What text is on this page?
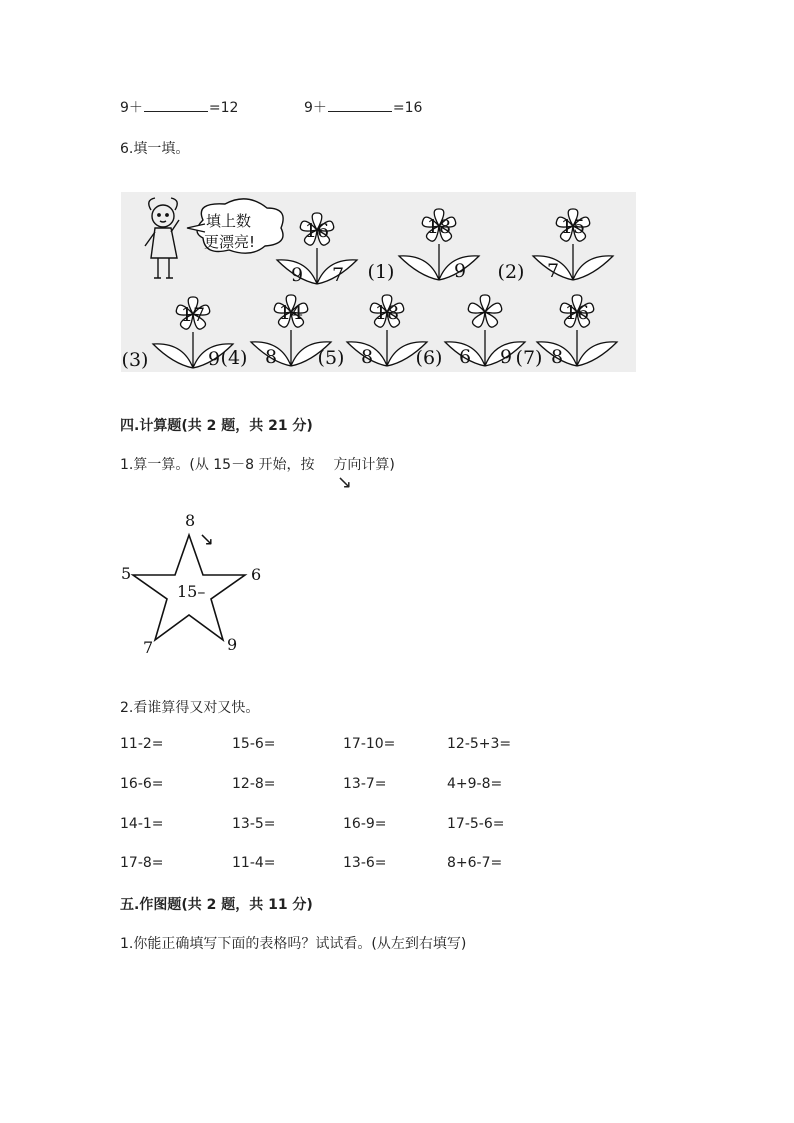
9＋	=12	9＋	=16
6.填一填。
填上数
更漂亮!	16
9 7
18
9
(1)
15
7
(2)
17
9
(3)
14
8
(4)
18
8
(5)	6 9
(6)
16
8
(7)
四.计算题(共 2 题，共 21 分)
1.算一算。(从 15－8 开始，按 方向计算)
↘
15–
8
6
9
7
5
↘
2.看谁算得又对又快。
11-2=	15-6=	17-10=	12-5+3=
16-6=	12-8=	13-7=	4+9-8=
14-1=	13-5=	16-9=	17-5-6=
17-8=	11-4=	13-6=	8+6-7=
五.作图题(共 2 题，共 11 分)
1.你能正确填写下面的表格吗？试试看。(从左到右填写)
